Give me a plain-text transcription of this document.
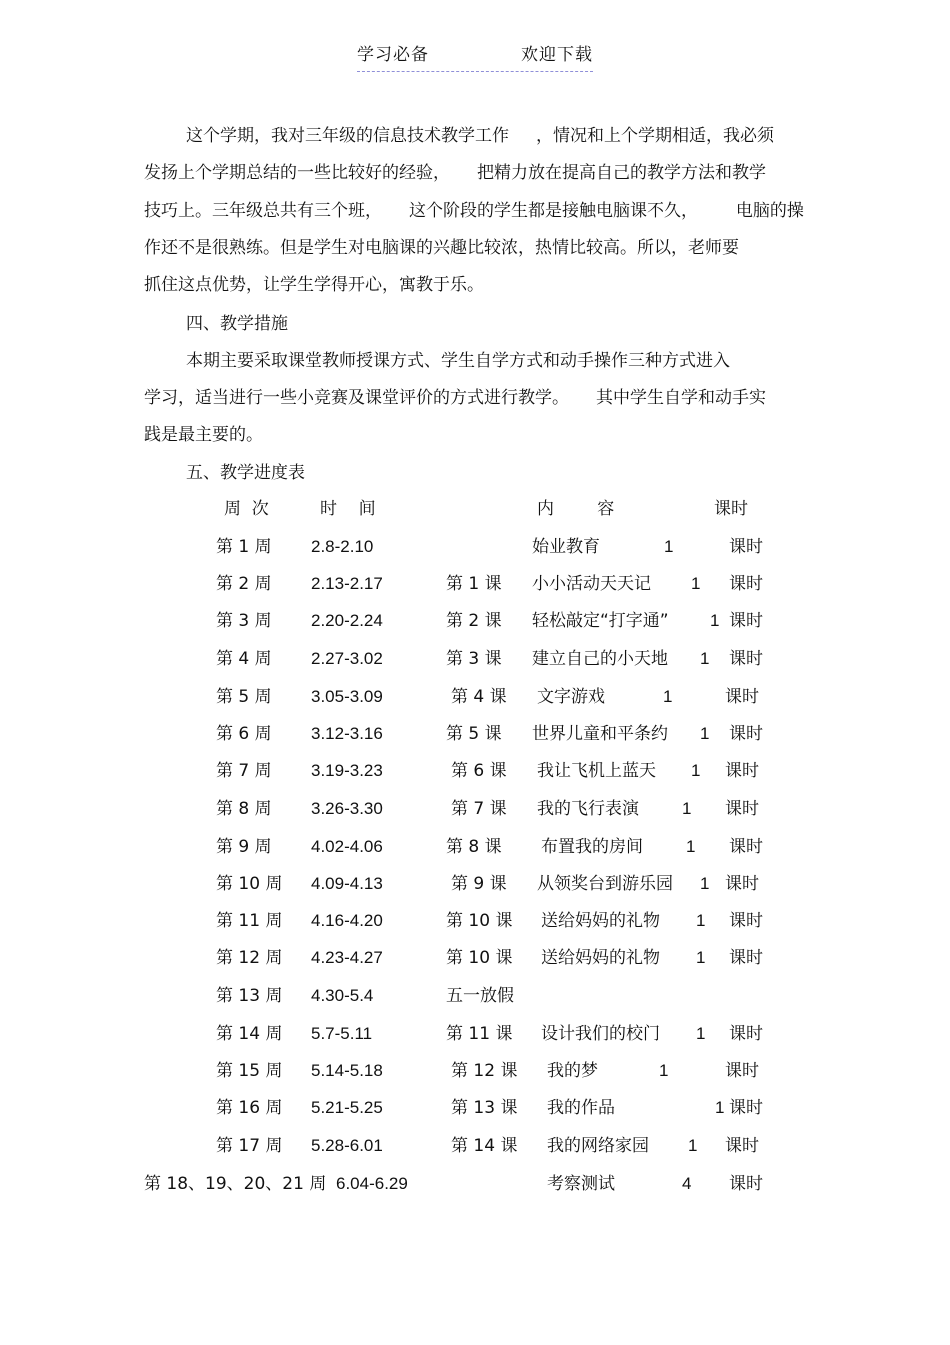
学习必备	欢迎下载
这个学期，我对三年级的信息技术教学工作     ，情况和上个学期相适，我必须
发扬上个学期总结的一些比较好的经验，     把精力放在提高自己的教学方法和教学
技巧上。三年级总共有三个班，     这个阶段的学生都是接触电脑课不久，       电脑的操
作还不是很熟练。但是学生对电脑课的兴趣比较浓，热情比较高。所以，老师要
抓住这点优势，让学生学得开心，寓教于乐。
四、教学措施
本期主要采取课堂教师授课方式、学生自学方式和动手操作三种方式进入
学习，适当进行一些小竞赛及课堂评价的方式进行教学。     其中学生自学和动手实
践是最主要的。
五、教学进度表
周  次	时    间	内        容	课时
第 1 周 2.8-2.10	始业教育	1	课时
第 2 周 2.13-2.17	第 1 课 小小活动天天记 1 课时
第 3 周 2.20-2.24	第 2 课 轻松敲定“打字通” 1 课时
第 4 周 2.27-3.02	第 3 课 建立自己的小天地 1 课时
第 5 周 3.05-3.09	第 4 课 文字游戏	1	课时
第 6 周 3.12-3.16	第 5 课 世界儿童和平条约 1 课时
第 7 周 3.19-3.23	第 6 课 我让飞机上蓝天 1 课时
第 8 周 3.26-3.30	第 7 课 我的飞行表演	1 课时
第 9 周 4.02-4.06	第 8 课 布置我的房间	1 课时
第 10 周 4.09-4.13	第 9 课 从领奖台到游乐园 1 课时
第 11 周 4.16-4.20	第 10 课 送给妈妈的礼物 1 课时
第 12 周 4.23-4.27	第 10 课 送给妈妈的礼物 1 课时
第 13 周 4.30-5.4	五一放假
第 14 周 5.7-5.11	第 11 课 设计我们的校门 1 课时
第 15 周 5.14-5.18	第 12 课 我的梦	1	课时
第 16 周 5.21-5.25	第 13 课 我的作品	1 课时
第 17 周 5.28-6.01	第 14 课 我的网络家园 1 课时
第 18、19、20、21 周 6.04-6.29	考察测试	4 课时
